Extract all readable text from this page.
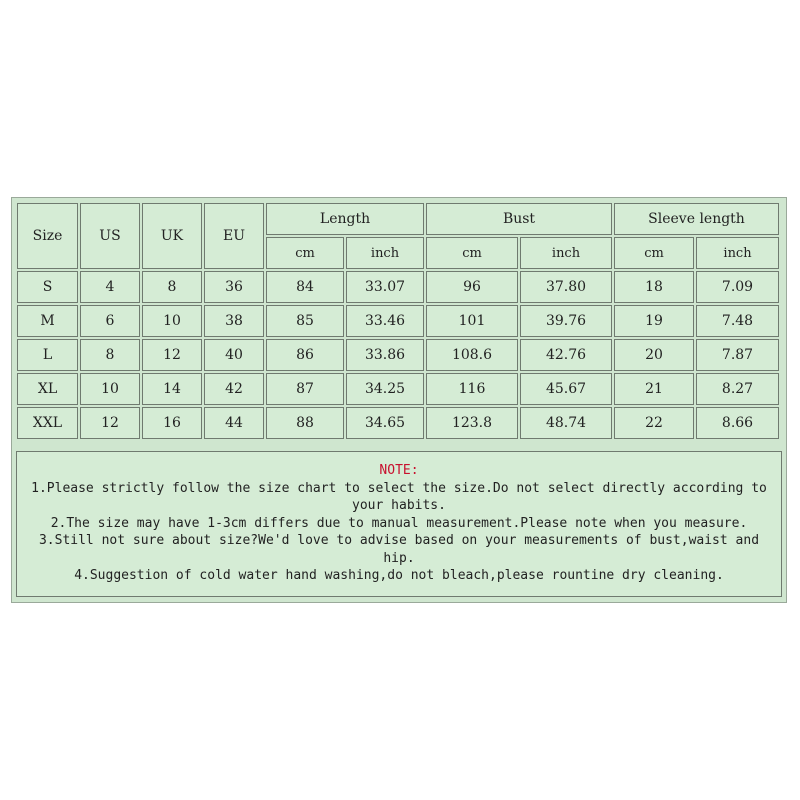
Size	US	UK	EU	Length		Bust		Sleeve length	
				cm	inch	cm	inch	cm	inch
S	4	8	36	84	33.07	96	37.80	18	7.09
M	6	10	38	85	33.46	101	39.76	19	7.48
L	8	12	40	86	33.86	108.6	42.76	20	7.87
XL	10	14	42	87	34.25	116	45.67	21	8.27
XXL	12	16	44	88	34.65	123.8	48.74	22	8.66

NOTE:

1.Please strictly follow the size chart to select the size.Do not select directly according to your habits.

2.The size may have 1-3cm differs due to manual measurement.Please note when you measure.

3.Still not sure about size?We'd love to advise based on your measurements of bust,waist and hip.

4.Suggestion of cold water hand washing,do not bleach,please rountine dry cleaning.
